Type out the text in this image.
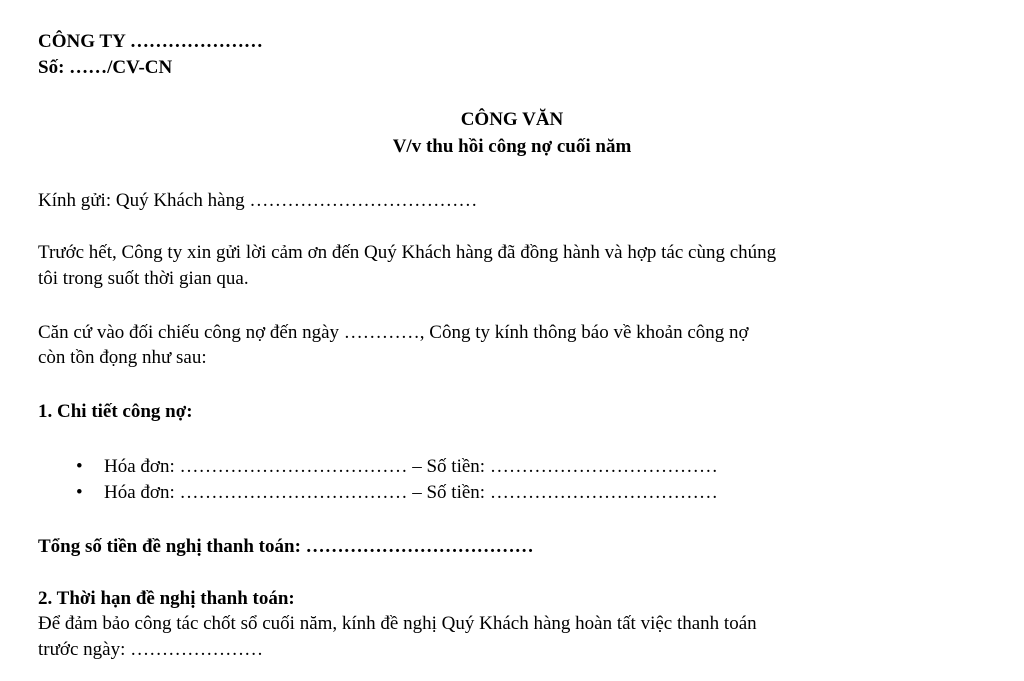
CÔNG TY …………………
Số: ……/CV-CN
CÔNG VĂN
V/v thu hồi công nợ cuối năm
Kính gửi: Quý Khách hàng ………………………………
Trước hết, Công ty xin gửi lời cảm ơn đến Quý Khách hàng đã đồng hành và hợp tác cùng chúng
tôi trong suốt thời gian qua.
Căn cứ vào đối chiếu công nợ đến ngày …………, Công ty kính thông báo về khoản công nợ
còn tồn đọng như sau:
1. Chi tiết công nợ:
• Hóa đơn: ……………………………… – Số tiền: ………………………………
• Hóa đơn: ……………………………… – Số tiền: ………………………………
Tổng số tiền đề nghị thanh toán: ………………………………
2. Thời hạn đề nghị thanh toán:
Để đảm bảo công tác chốt sổ cuối năm, kính đề nghị Quý Khách hàng hoàn tất việc thanh toán
trước ngày: …………………
